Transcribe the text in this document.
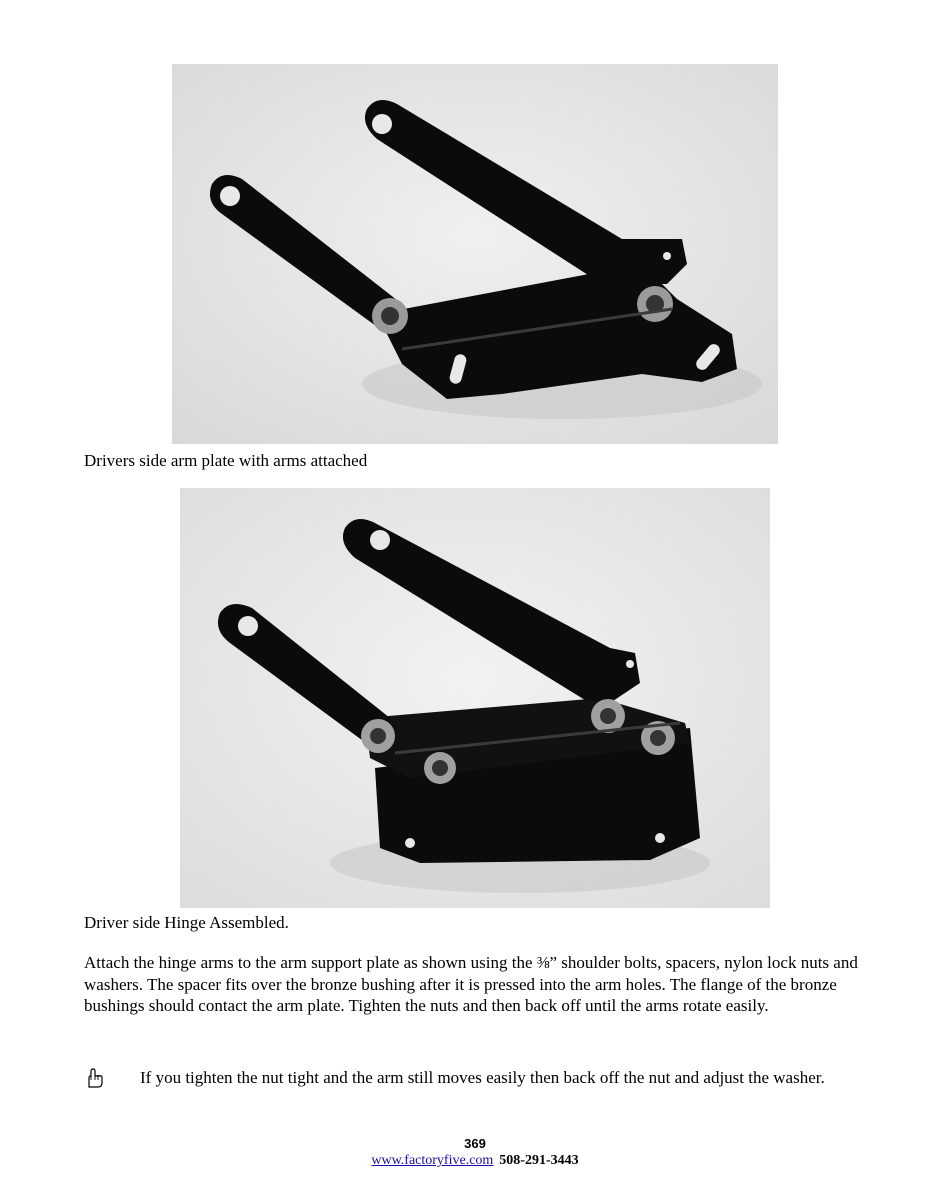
Drivers side arm plate with arms attached
Driver side Hinge Assembled.
Attach the hinge arms to the arm support plate as shown using the ⅜” shoulder bolts, spacers, nylon lock nuts and washers. The spacer fits over the bronze bushing after it is pressed into the arm holes. The flange of the bronze bushings should contact the arm plate. Tighten the nuts and then back off until the arms rotate easily.
If you tighten the nut tight and the arm still moves easily then back off the nut and adjust the washer.
369
www.factoryfive.com 508-291-3443
